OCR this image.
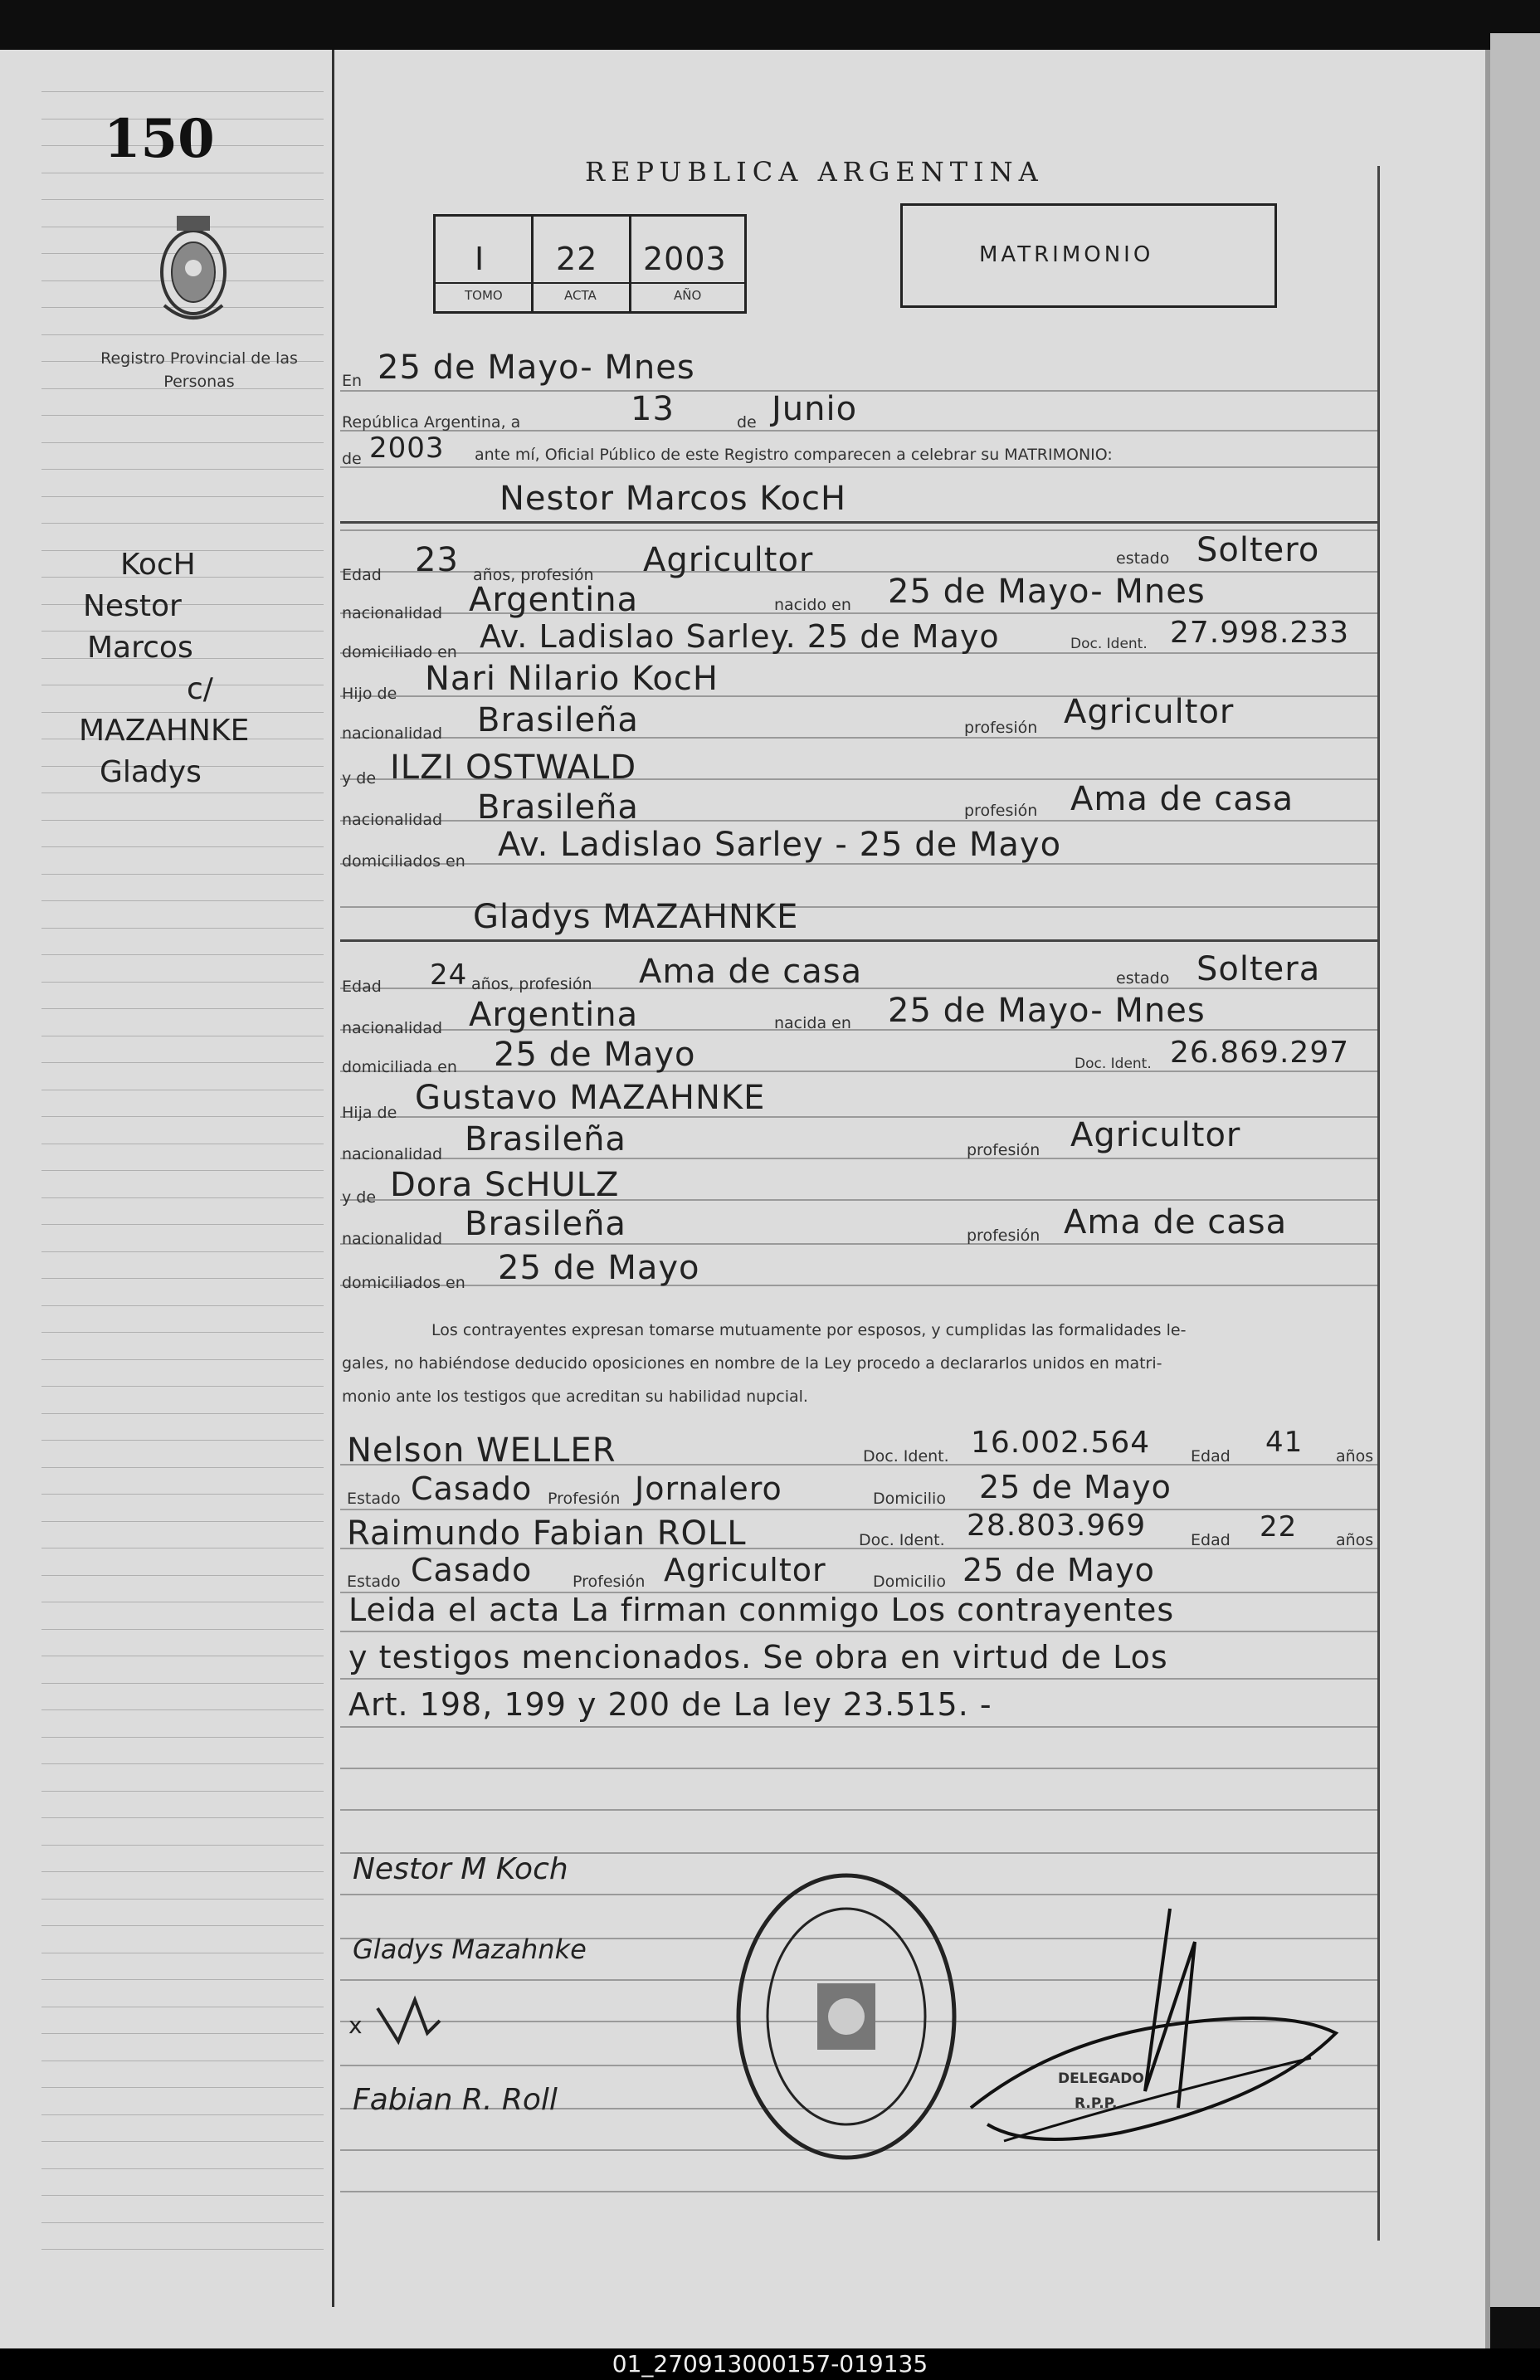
150
Registro Provincial de las Personas
REPUBLICA ARGENTINA
I 22 2003
TOMO	ACTA	AÑO
MATRIMONIO
KocH
Nestor
Marcos
c/
MAZAHNKE
Gladys
En 25 de Mayo- Mnes
República Argentina, a	13	de Junio
de 2003 ante mí, Oficial Público de este Registro comparecen a celebrar su MATRIMONIO:
Nestor Marcos KocH
Edad 23 años, profesión Agricultor	estado Soltero
nacionalidad Argentina	nacido en 25 de Mayo- Mnes
domiciliado en Av. Ladislao Sarley. 25 de Mayo	Doc. Ident. 27.998.233
Hijo de Nari Nilario KocH
nacionalidad Brasileña	profesión Agricultor
y de ILZI OSTWALD
nacionalidad Brasileña	profesión Ama de casa
domiciliados en Av. Ladislao Sarley - 25 de Mayo
Gladys MAZAHNKE
Edad 24 años, profesión Ama de casa	estado Soltera
nacionalidad Argentina	nacida en 25 de Mayo- Mnes
domiciliada en 25 de Mayo	Doc. Ident. 26.869.297
Hija de Gustavo MAZAHNKE
nacionalidad Brasileña	profesión Agricultor
y de Dora ScHULZ
nacionalidad Brasileña	profesión Ama de casa
domiciliados en 25 de Mayo
Los contrayentes expresan tomarse mutuamente por esposos, y cumplidas las formalidades le-
gales, no habiéndose deducido oposiciones en nombre de la Ley procedo a declararlos unidos en matri-
monio ante los testigos que acreditan su habilidad nupcial.
Nelson WELLER	Doc. Ident. 16.002.564	Edad 41 años
Estado Casado Profesión Jornalero	Domicilio 25 de Mayo
Raimundo Fabian ROLL	Doc. Ident. 28.803.969	Edad 22 años
Estado Casado	Profesión Agricultor	Domicilio 25 de Mayo
Leida el acta La firman conmigo Los contrayentes
y testigos mencionados. Se obra en virtud de Los
Art. 198, 199 y 200 de La ley 23.515. -
Nestor M Koch
Gladys Mazahnke
x
Fabian R. Roll
DELEGADO
R.P.P.
01_270913000157-019135
